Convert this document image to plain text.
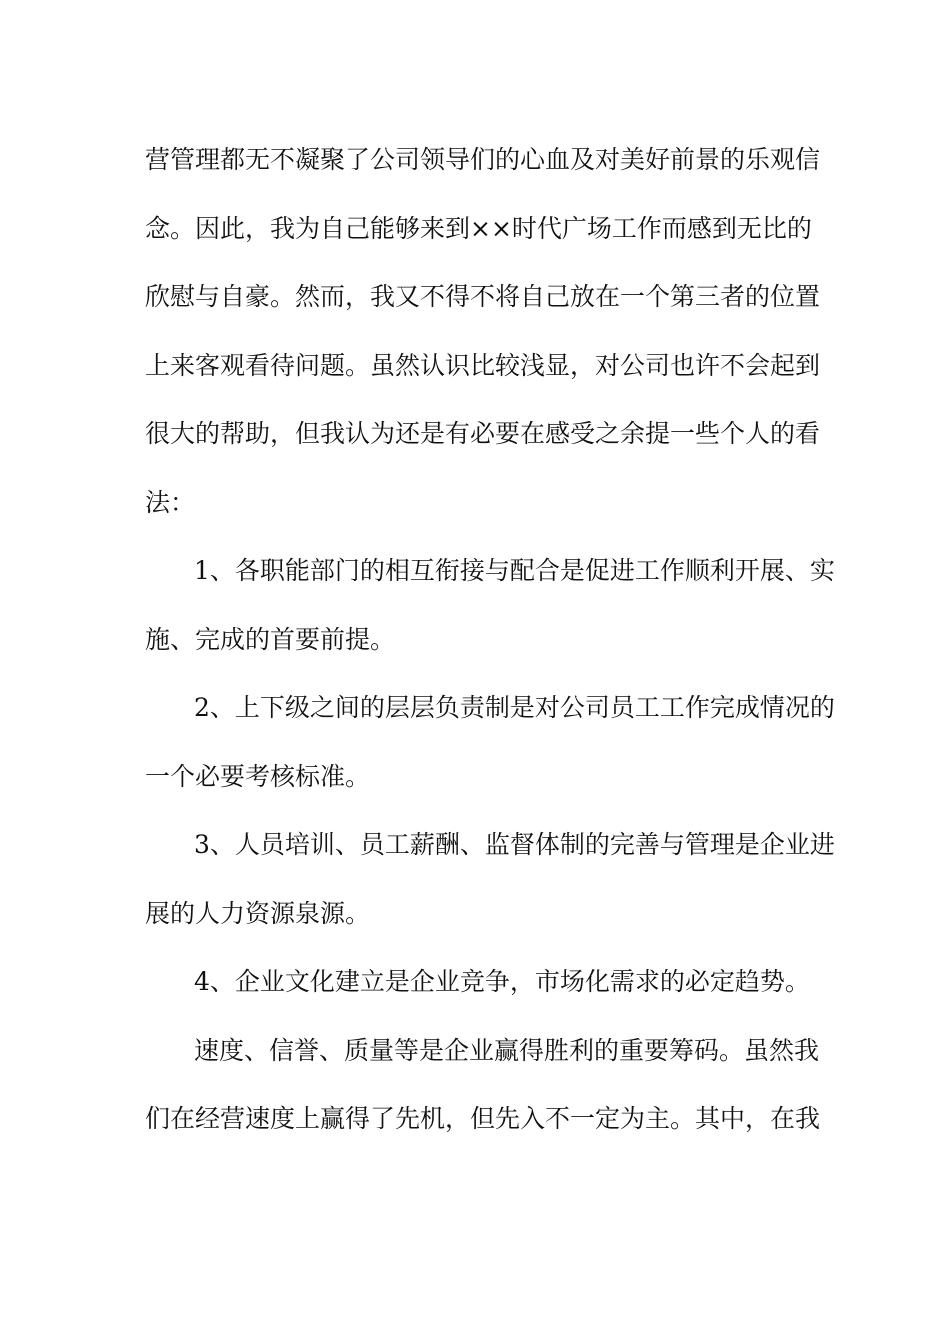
营管理都无不凝聚了公司领导们的心血及对美好前景的乐观信
念。因此，我为自己能够来到××时代广场工作而感到无比的
欣慰与自豪。然而，我又不得不将自己放在一个第三者的位置
上来客观看待问题。虽然认识比较浅显，对公司也许不会起到
很大的帮助，但我认为还是有必要在感受之余提一些个人的看
法：
1、各职能部门的相互衔接与配合是促进工作顺利开展、实
施、完成的首要前提。
2、上下级之间的层层负责制是对公司员工工作完成情况的
一个必要考核标准。
3、人员培训、员工薪酬、监督体制的完善与管理是企业进
展的人力资源泉源。
4、企业文化建立是企业竞争，市场化需求的必定趋势。
速度、信誉、质量等是企业赢得胜利的重要筹码。虽然我
们在经营速度上赢得了先机，但先入不一定为主。其中，在我
